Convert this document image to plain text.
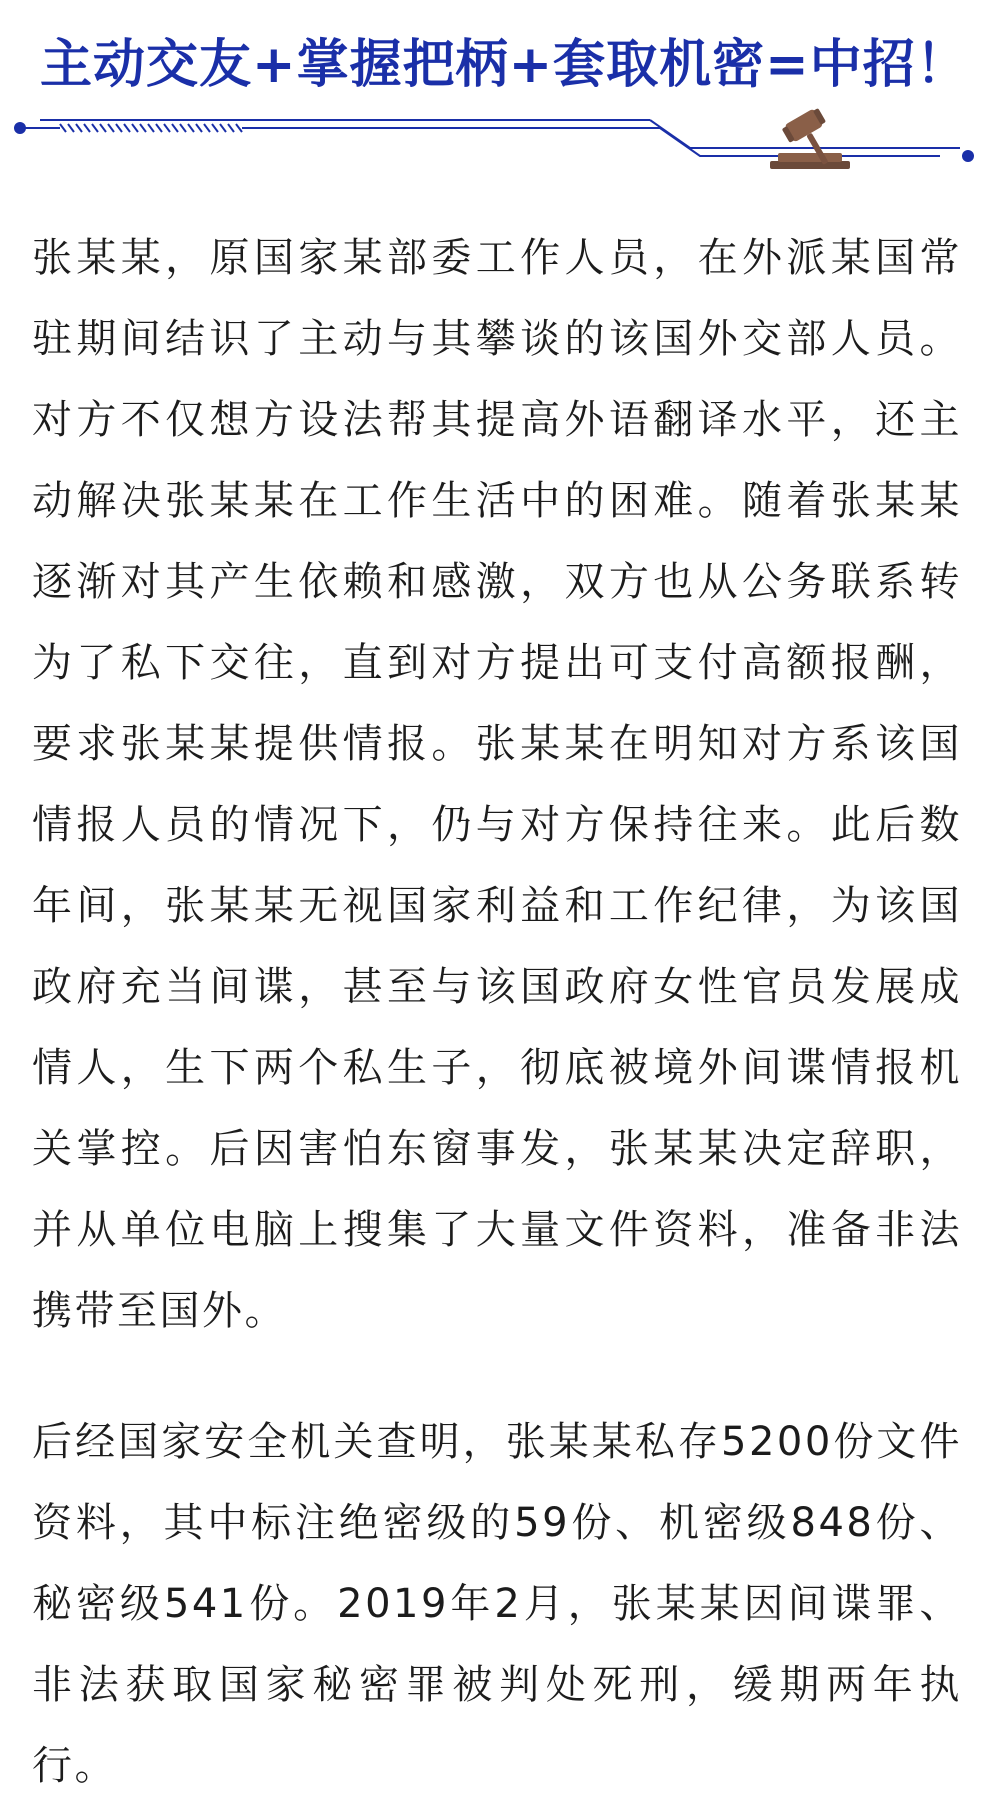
主动交友+掌握把柄+套取机密=中招！

张某某，原国家某部委工作人员，在外派某国常驻期间结识了主动与其攀谈的该国外交部人员。对方不仅想方设法帮其提高外语翻译水平，还主动解决张某某在工作生活中的困难。随着张某某逐渐对其产生依赖和感激，双方也从公务联系转为了私下交往，直到对方提出可支付高额报酬，要求张某某提供情报。张某某在明知对方系该国情报人员的情况下，仍与对方保持往来。此后数年间，张某某无视国家利益和工作纪律，为该国政府充当间谍，甚至与该国政府女性官员发展成情人，生下两个私生子，彻底被境外间谍情报机关掌控。后因害怕东窗事发，张某某决定辞职，并从单位电脑上搜集了大量文件资料，准备非法携带至国外。

后经国家安全机关查明，张某某私存5200份文件资料，其中标注绝密级的59份、机密级848份、秘密级541份。2019年2月，张某某因间谍罪、非法获取国家秘密罪被判处死刑，缓期两年执行。
